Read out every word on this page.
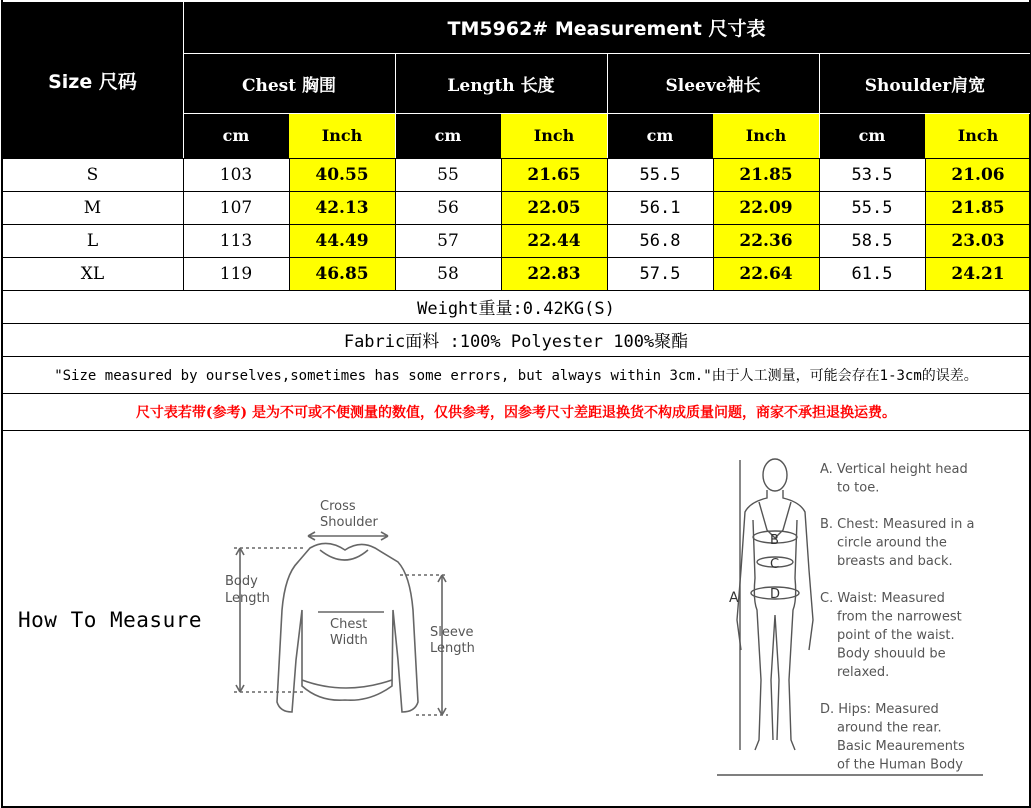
Size 尺码
TM5962# Measurement 尺寸表
Chest 胸围
cm	Inch
Length 长度
cm	Inch
Sleeve袖长
cm	Inch
Shoulder肩宽
cm	Inch
S	103	40.55	55	21.65	55.5	21.85	53.5	21.06
M	107	42.13	56	22.05	56.1	22.09	55.5	21.85
L	113	44.49	57	22.44	56.8	22.36	58.5	23.03
XL	119	46.85	58	22.83	57.5	22.64	61.5	24.21
Weight重量:0.42KG(S)
Fabric面料 :100% Polyester 100%聚酯
"Size measured by ourselves,sometimes has some errors, but always within 3cm."由于人工测量，可能会存在1-3cm的误差。
尺寸表若带(参考) 是为不可或不便测量的数值，仅供参考，因参考尺寸差距退换货不构成质量问题，商家不承担退换运费。
How To Measure
Cross
Shoulder
Body
Length
Chest
Width
Sleeve
Length
A
B
C
D
A. Vertical height head
to toe.
B. Chest: Measured in a
circle around the
breasts and back.
C. Waist: Measured
from the narrowest
point of the waist.
Body shouuld be
relaxed.
D. Hips: Measured
around the rear.
Basic Meaurements
of the Human Body
